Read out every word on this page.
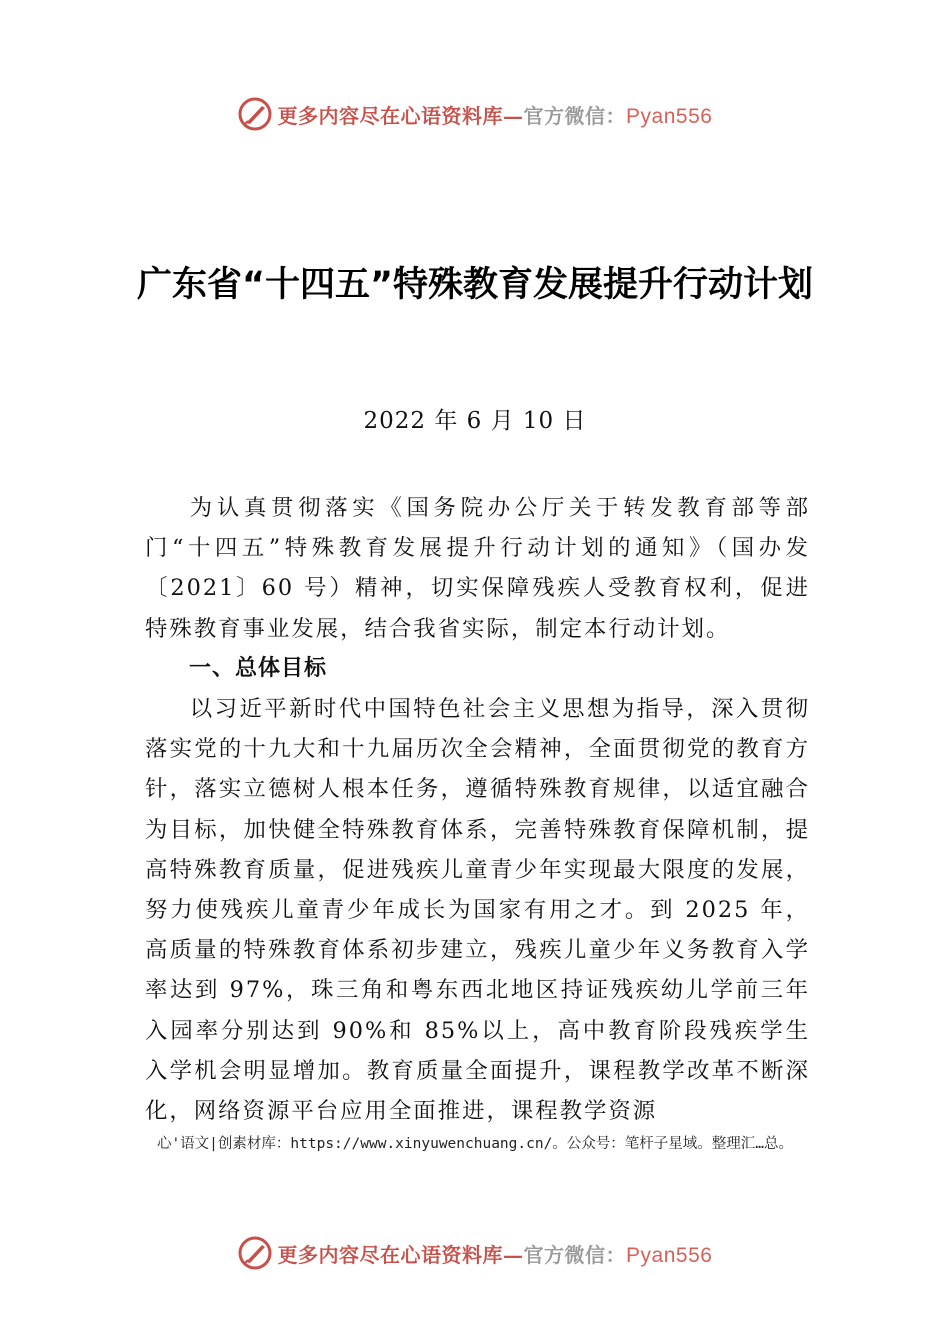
更多内容尽在心语资料库—官方微信：Pyan556
广东省“十四五”特殊教育发展提升行动计划
2022 年 6 月 10 日

为认真贯彻落实《国务院办公厅关于转发教育部等部门“十四五”特殊教育发展提升行动计划的通知》（国办发〔2021〕60 号）精神，切实保障残疾人受教育权利，促进特殊教育事业发展，结合我省实际，制定本行动计划。

一、总体目标

以习近平新时代中国特色社会主义思想为指导，深入贯彻落实党的十九大和十九届历次全会精神，全面贯彻党的教育方针，落实立德树人根本任务，遵循特殊教育规律，以适宜融合为目标，加快健全特殊教育体系，完善特殊教育保障机制，提高特殊教育质量，促进残疾儿童青少年实现最大限度的发展，努力使残疾儿童青少年成长为国家有用之才。到 2025 年，高质量的特殊教育体系初步建立，残疾儿童少年义务教育入学率达到 97%，珠三角和粤东西北地区持证残疾幼儿学前三年入园率分别达到 90%和 85%以上，高中教育阶段残疾学生入学机会明显增加。教育质量全面提升，课程教学改革不断深化，网络资源平台应用全面推进，课程教学资源

心'语文|创素材库：https://www.xinyuwenchuang.cn/。公众号：笔杆子星域。整理汇…总。
更多内容尽在心语资料库—官方微信：Pyan556
